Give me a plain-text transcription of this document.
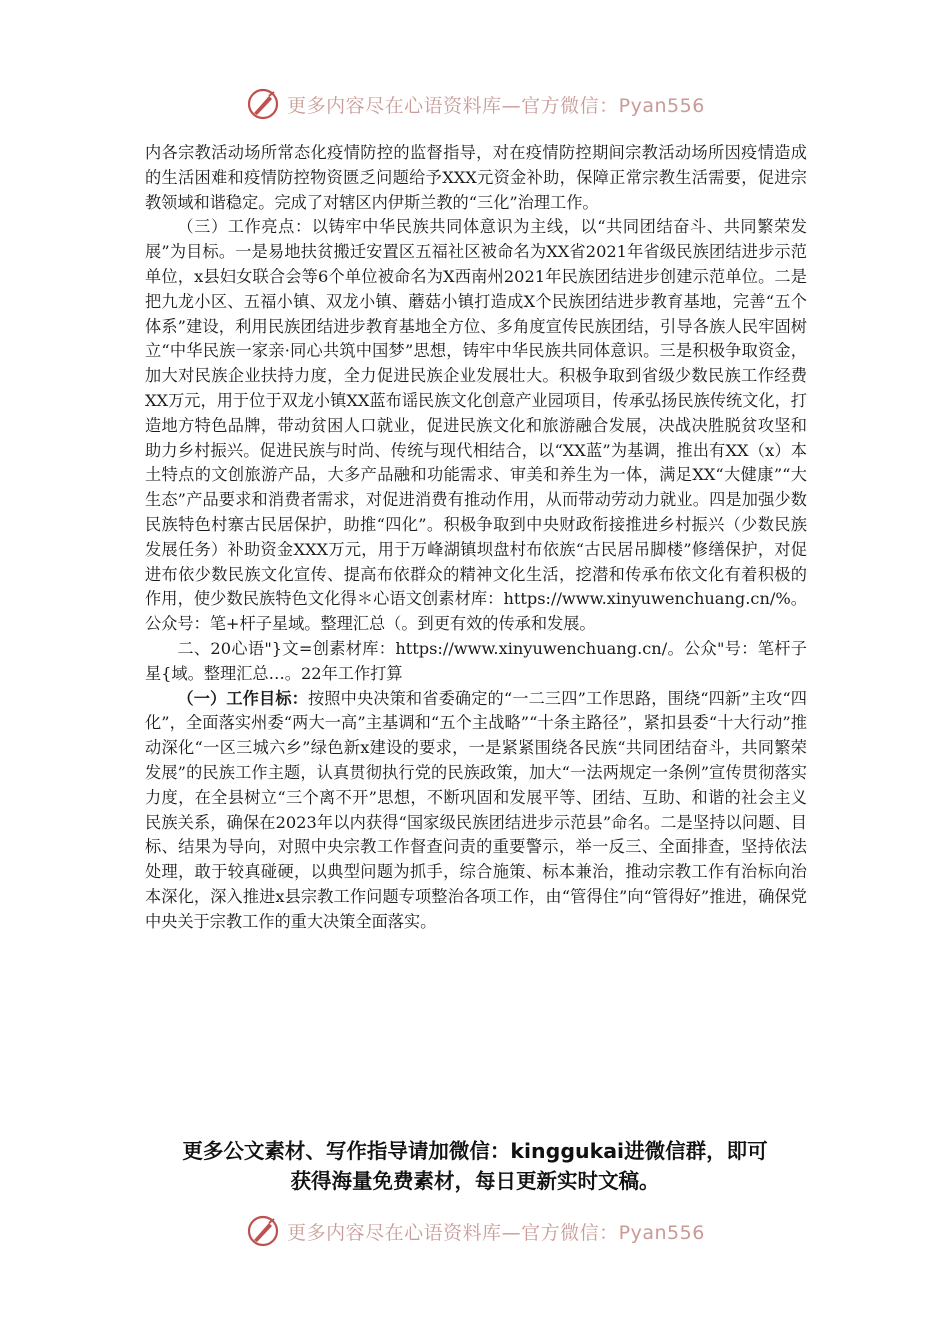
更多内容尽在心语资料库—官方微信：Pyan556

内各宗教活动场所常态化疫情防控的监督指导，对在疫情防控期间宗教活动场所因疫情造成的生活困难和疫情防控物资匮乏问题给予XXX元资金补助，保障正常宗教生活需要，促进宗教领域和谐稳定。完成了对辖区内伊斯兰教的“三化”治理工作。

（三）工作亮点：以铸牢中华民族共同体意识为主线，以“共同团结奋斗、共同繁荣发展”为目标。一是易地扶贫搬迁安置区五福社区被命名为XX省2021年省级民族团结进步示范单位，x县妇女联合会等6个单位被命名为X西南州2021年民族团结进步创建示范单位。二是把九龙小区、五福小镇、双龙小镇、蘑菇小镇打造成X个民族团结进步教育基地，完善“五个体系”建设，利用民族团结进步教育基地全方位、多角度宣传民族团结，引导各族人民牢固树立“中华民族一家亲·同心共筑中国梦”思想，铸牢中华民族共同体意识。三是积极争取资金，加大对民族企业扶持力度，全力促进民族企业发展壮大。积极争取到省级少数民族工作经费XX万元，用于位于双龙小镇XX蓝布谣民族文化创意产业园项目，传承弘扬民族传统文化，打造地方特色品牌，带动贫困人口就业，促进民族文化和旅游融合发展，决战决胜脱贫攻坚和助力乡村振兴。促进民族与时尚、传统与现代相结合，以“XX蓝”为基调，推出有XX（x）本土特点的文创旅游产品，大多产品融和功能需求、审美和养生为一体，满足XX“大健康”“大生态”产品要求和消费者需求，对促进消费有推动作用，从而带动劳动力就业。四是加强少数民族特色村寨古民居保护，助推“四化”。积极争取到中央财政衔接推进乡村振兴（少数民族发展任务）补助资金XXX万元，用于万峰湖镇坝盘村布依族“古民居吊脚楼”修缮保护，对促进布依少数民族文化宣传、提高布依群众的精神文化生活，挖潜和传承布依文化有着积极的作用，使少数民族特色文化得＊心语文创素材库：https://www.xinyuwenchuang.cn/%。公众号：笔+杆子星域。整理汇总（。到更有效的传承和发展。

二、20心语"}文=创素材库：https://www.xinyuwenchuang.cn/。公众"号：笔杆子星{域。整理汇总…。22年工作打算

（一）工作目标：按照中央决策和省委确定的“一二三四”工作思路，围绕“四新”主攻“四化”，全面落实州委“两大一高”主基调和“五个主战略”“十条主路径”，紧扣县委“十大行动”推动深化“一区三城六乡”绿色新x建设的要求，一是紧紧围绕各民族“共同团结奋斗，共同繁荣发展”的民族工作主题，认真贯彻执行党的民族政策，加大“一法两规定一条例”宣传贯彻落实力度，在全县树立“三个离不开”思想，不断巩固和发展平等、团结、互助、和谐的社会主义民族关系，确保在2023年以内获得“国家级民族团结进步示范县”命名。二是坚持以问题、目标、结果为导向，对照中央宗教工作督查问责的重要警示，举一反三、全面排查，坚持依法处理，敢于较真碰硬，以典型问题为抓手，综合施策、标本兼治，推动宗教工作有治标向治本深化，深入推进x县宗教工作问题专项整治各项工作，由“管得住”向“管得好”推进，确保党中央关于宗教工作的重大决策全面落实。

更多公文素材、写作指导请加微信：kinggukai进微信群，即可
获得海量免费素材，每日更新实时文稿。
更多内容尽在心语资料库—官方微信：Pyan556
